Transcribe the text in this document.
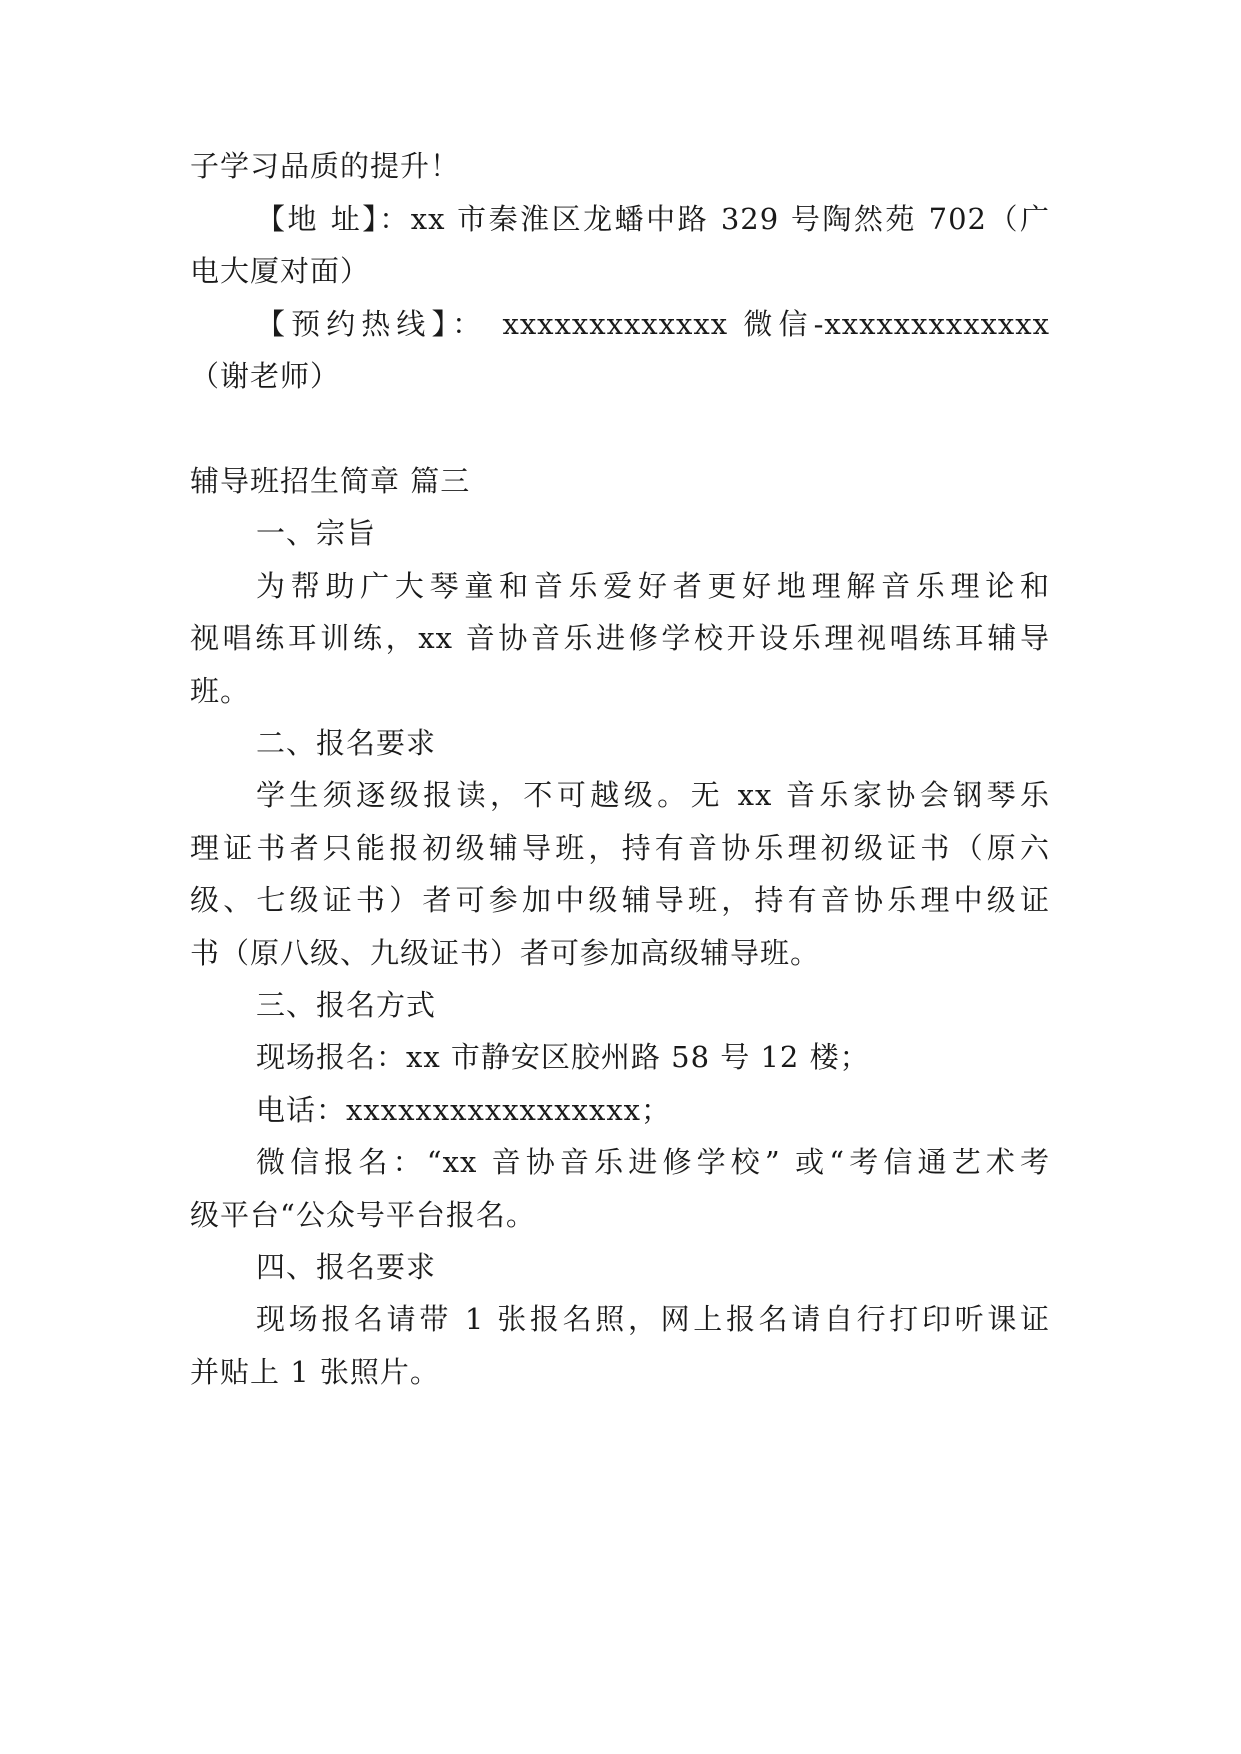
子学习品质的提升！
【地 址】：xx 市秦淮区龙蟠中路 329 号陶然苑 702（广
电大厦对面）
【预约热线】： xxxxxxxxxxxxx 微信-xxxxxxxxxxxxx
（谢老师）
辅导班招生简章 篇三
一、宗旨
为帮助广大琴童和音乐爱好者更好地理解音乐理论和
视唱练耳训练，xx 音协音乐进修学校开设乐理视唱练耳辅导
班。
二、报名要求
学生须逐级报读，不可越级。无 xx 音乐家协会钢琴乐
理证书者只能报初级辅导班，持有音协乐理初级证书（原六
级、七级证书）者可参加中级辅导班，持有音协乐理中级证
书（原八级、九级证书）者可参加高级辅导班。
三、报名方式
现场报名：xx 市静安区胶州路 58 号 12 楼；
电话：xxxxxxxxxxxxxxxxx；
微信报名：“xx 音协音乐进修学校” 或“考信通艺术考
级平台“公众号平台报名。
四、报名要求
现场报名请带 1 张报名照，网上报名请自行打印听课证
并贴上 1 张照片。
